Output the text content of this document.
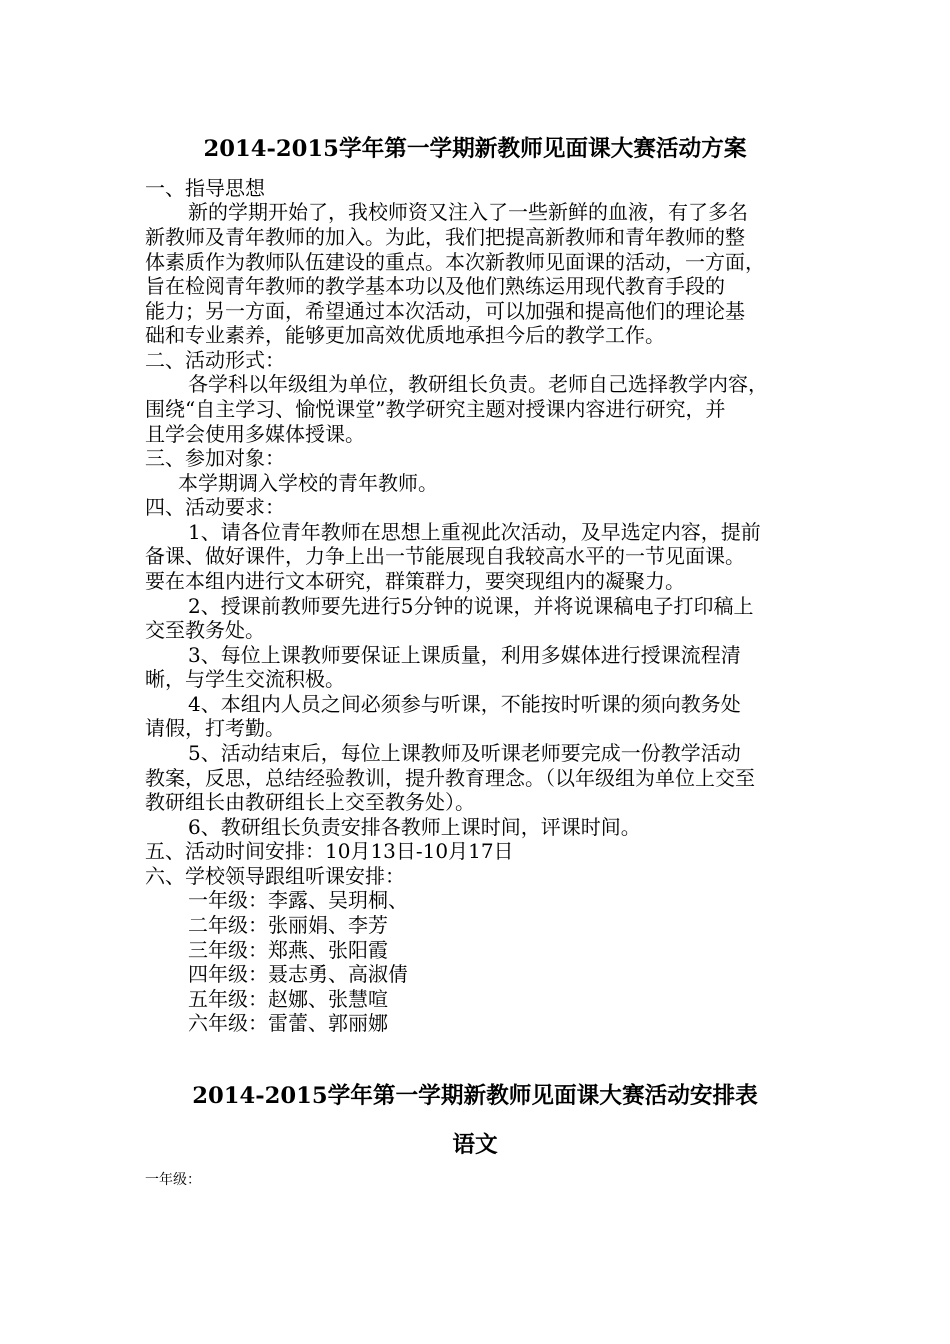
2014-2015学年第一学期新教师见面课大赛活动方案
一、指导思想
新的学期开始了，我校师资又注入了一些新鲜的血液，有了多名
新教师及青年教师的加入。为此，我们把提高新教师和青年教师的整
体素质作为教师队伍建设的重点。本次新教师见面课的活动，一方面，
旨在检阅青年教师的教学基本功以及他们熟练运用现代教育手段的
能力；另一方面，希望通过本次活动，可以加强和提高他们的理论基
础和专业素养，能够更加高效优质地承担今后的教学工作。
二、活动形式：
各学科以年级组为单位，教研组长负责。老师自己选择教学内容，
围绕“自主学习、愉悦课堂”教学研究主题对授课内容进行研究，并
且学会使用多媒体授课。
三、参加对象：
本学期调入学校的青年教师。
四、活动要求：
1、请各位青年教师在思想上重视此次活动，及早选定内容，提前
备课、做好课件，力争上出一节能展现自我较高水平的一节见面课。
要在本组内进行文本研究，群策群力，要突现组内的凝聚力。
2、授课前教师要先进行5分钟的说课，并将说课稿电子打印稿上
交至教务处。
3、每位上课教师要保证上课质量，利用多媒体进行授课流程清
晰，与学生交流积极。
4、本组内人员之间必须参与听课，不能按时听课的须向教务处
请假，打考勤。
5、活动结束后，每位上课教师及听课老师要完成一份教学活动
教案，反思，总结经验教训，提升教育理念。（以年级组为单位上交至
教研组长由教研组长上交至教务处）。
6、教研组长负责安排各教师上课时间，评课时间。
五、活动时间安排：10月13日-10月17日
六、学校领导跟组听课安排：
一年级：李露、吴玥桐、
二年级：张丽娟、李芳
三年级：郑燕、张阳霞
四年级：聂志勇、高淑倩
五年级：赵娜、张慧喧
六年级：雷蕾、郭丽娜
2014-2015学年第一学期新教师见面课大赛活动安排表
语文
一年级：
